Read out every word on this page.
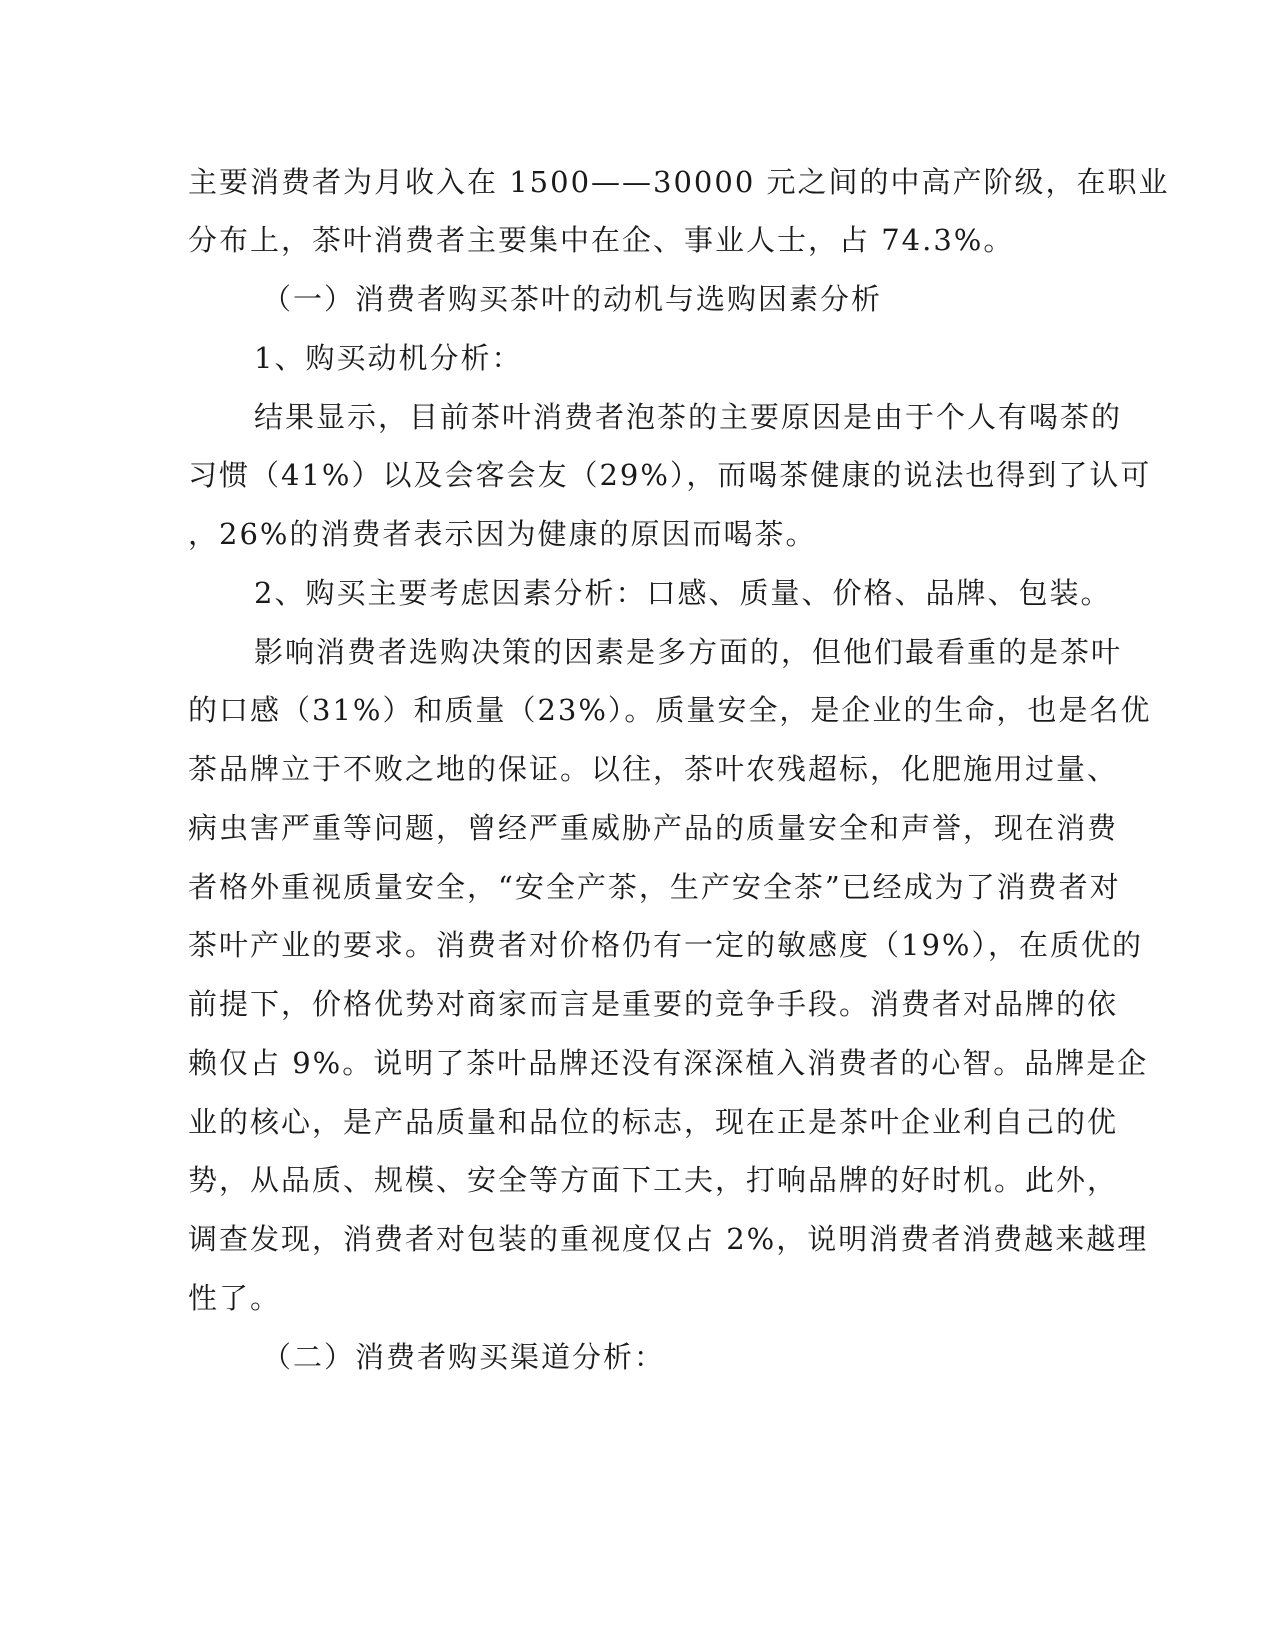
主要消费者为月收入在 1500——30000 元之间的中高产阶级，在职业
分布上，茶叶消费者主要集中在企、事业人士，占 74.3%。
（一）消费者购买茶叶的动机与选购因素分析
1、购买动机分析：
结果显示，目前茶叶消费者泡茶的主要原因是由于个人有喝茶的
习惯（41%）以及会客会友（29%），而喝茶健康的说法也得到了认可
，26%的消费者表示因为健康的原因而喝茶。
2、购买主要考虑因素分析：口感、质量、价格、品牌、包装。
影响消费者选购决策的因素是多方面的，但他们最看重的是茶叶
的口感（31%）和质量（23%）。质量安全，是企业的生命，也是名优
茶品牌立于不败之地的保证。以往，茶叶农残超标，化肥施用过量、
病虫害严重等问题，曾经严重威胁产品的质量安全和声誉，现在消费
者格外重视质量安全，“安全产茶，生产安全茶”已经成为了消费者对
茶叶产业的要求。消费者对价格仍有一定的敏感度（19%），在质优的
前提下，价格优势对商家而言是重要的竞争手段。消费者对品牌的依
赖仅占 9%。说明了茶叶品牌还没有深深植入消费者的心智。品牌是企
业的核心，是产品质量和品位的标志，现在正是茶叶企业利自己的优
势，从品质、规模、安全等方面下工夫，打响品牌的好时机。此外，
调查发现，消费者对包装的重视度仅占 2%，说明消费者消费越来越理
性了。
（二）消费者购买渠道分析：
